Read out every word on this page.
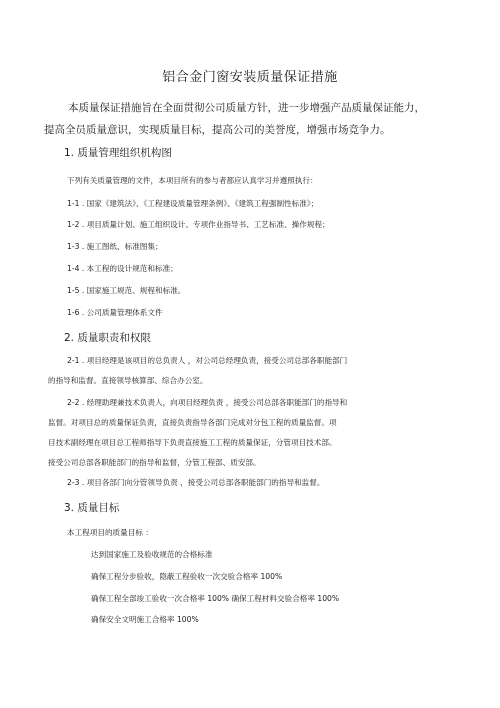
铝合金门窗安装质量保证措施
本质量保证措施旨在全面贯彻公司质量方针，进一步增强产品质量保证能力，
提高全员质量意识，实现质量目标，提高公司的美誉度，增强市场竞争力。
1. 质量管理组织机构图
下列有关质量管理的文件，本项目所有的参与者都应认真学习并遵照执行：
1-1 . 国家《建筑法》、《工程建设质量管理条例》、《建筑工程强制性标准》；
1-2 . 项目质量计划、施工组织设计、专项作业指导书、工艺标准、操作规程；
1-3 . 施工图纸、标准图集；
1-4 . 本工程的设计规范和标准；
1-5 . 国家施工规范、规程和标准。
1-6 . 公司质量管理体系文件
2. 质量职责和权限
2-1 . 项目经理是该项目的总负责人 ，对公司总经理负责，接受公司总部各职能部门
的指导和监督。直接领导核算部、综合办公室。
2-2 . 经理助理兼技术负责人，向项目经理负责 ，接受公司总部各职能部门的指导和
监督。对项目总的质量保证负责，直接负责指导各部门完成对分包工程的质量监督。项
目技术副经理在项目总工程师指导下负责直接施工工程的质量保证，分管项目技术部。
接受公司总部各职能部门的指导和监督，分管工程部、质安部。
2-3 . 项目各部门向分管领导负责 ，接受公司总部各职能部门的指导和监督。
3. 质量目标
本工程项目的质量目标 ：
达到国家施工及验收规范的合格标准
确保工程分步验收，隐蔽工程验收一次交验合格率 100%
确保工程全部竣工验收一次合格率 100% 确保工程材料交验合格率 100%
确保安全文明施工合格率 100%
